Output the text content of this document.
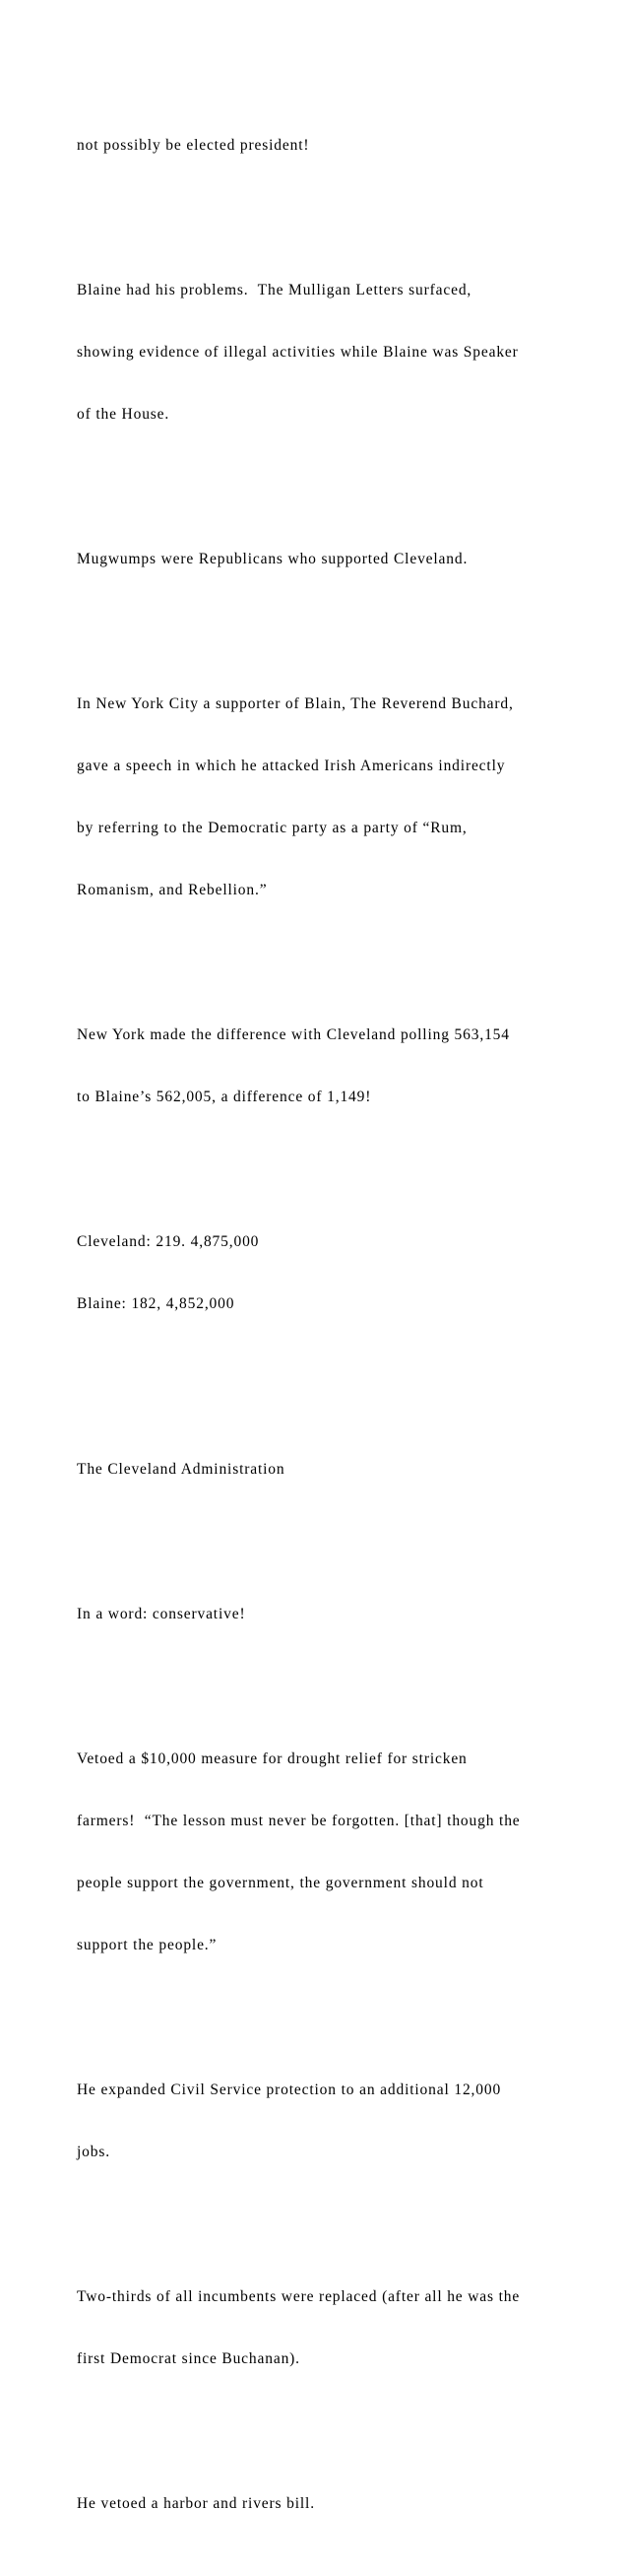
not possibly be elected president!

Blaine had his problems.  The Mulligan Letters surfaced,

showing evidence of illegal activities while Blaine was Speaker

of the House.

Mugwumps were Republicans who supported Cleveland.

In New York City a supporter of Blain, The Reverend Buchard,

gave a speech in which he attacked Irish Americans indirectly

by referring to the Democratic party as a party of “Rum,

Romanism, and Rebellion.”

New York made the difference with Cleveland polling 563,154

to Blaine’s 562,005, a difference of 1,149!

Cleveland: 219. 4,875,000

Blaine: 182, 4,852,000

The Cleveland Administration

In a word: conservative!

Vetoed a $10,000 measure for drought relief for stricken

farmers!  “The lesson must never be forgotten. [that] though the

people support the government, the government should not

support the people.”

He expanded Civil Service protection to an additional 12,000

jobs.

Two-thirds of all incumbents were replaced (after all he was the

first Democrat since Buchanan).

He vetoed a harbor and rivers bill.
